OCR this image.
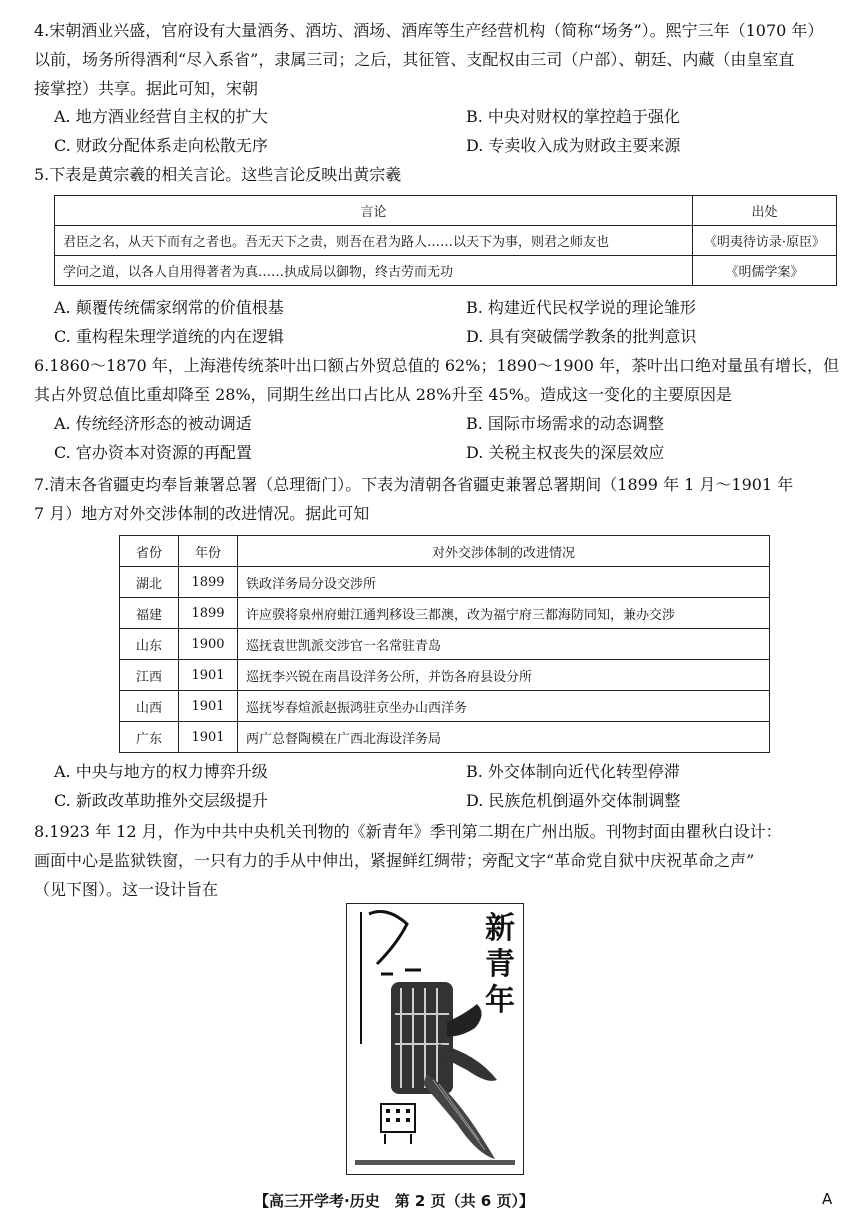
4.宋朝酒业兴盛，官府设有大量酒务、酒坊、酒场、酒库等生产经营机构（简称“场务”）。熙宁三年（1070 年）

以前，场务所得酒利“尽入系省”，隶属三司；之后，其征管、支配权由三司（户部）、朝廷、内藏（由皇室直

接掌控）共享。据此可知，宋朝

A. 地方酒业经营自主权的扩大	B. 中央对财权的掌控趋于强化
C. 财政分配体系走向松散无序	D. 专卖收入成为财政主要来源

5.下表是黄宗羲的相关言论。这些言论反映出黄宗羲

言论	出处
君臣之名，从天下而有之者也。吾无天下之责，则吾在君为路人……以天下为事，则君之师友也	《明夷待访录·原臣》
学问之道，以各人自用得著者为真……执成局以御物，终古劳而无功	《明儒学案》
A. 颠覆传统儒家纲常的价值根基	B. 构建近代民权学说的理论雏形
C. 重构程朱理学道统的内在逻辑	D. 具有突破儒学教条的批判意识

6.1860～1870 年，上海港传统茶叶出口额占外贸总值的 62%；1890～1900 年，茶叶出口绝对量虽有增长，但

其占外贸总值比重却降至 28%，同期生丝出口占比从 28%升至 45%。造成这一变化的主要原因是

A. 传统经济形态的被动调适	B. 国际市场需求的动态调整
C. 官办资本对资源的再配置	D. 关税主权丧失的深层效应

7.清末各省疆吏均奉旨兼署总署（总理衙门）。下表为清朝各省疆吏兼署总署期间（1899 年 1 月～1901 年

7 月）地方对外交涉体制的改进情况。据此可知

省份	年份	对外交涉体制的改进情况
湖北	1899	铁政洋务局分设交涉所
福建	1899	许应骙将泉州府蚶江通判移设三都澳，改为福宁府三都海防同知，兼办交涉
山东	1900	巡抚袁世凯派交涉官一名常驻青岛
江西	1901	巡抚李兴锐在南昌设洋务公所，并饬各府县设分所
山西	1901	巡抚岑春煊派赵振鸿驻京坐办山西洋务
广东	1901	两广总督陶模在广西北海设洋务局
A. 中央与地方的权力博弈升级	B. 外交体制向近代化转型停滞
C. 新政改革助推外交层级提升	D. 民族危机倒逼外交体制调整

8.1923 年 12 月，作为中共中央机关刊物的《新青年》季刊第二期在广州出版。刊物封面由瞿秋白设计：

画面中心是监狱铁窗，一只有力的手从中伸出，紧握鲜红绸带；旁配文字“革命党自狱中庆祝革命之声”

（见下图）。这一设计旨在

新
青
年
【高三开学考·历史　第 2 页（共 6 页）】	A
